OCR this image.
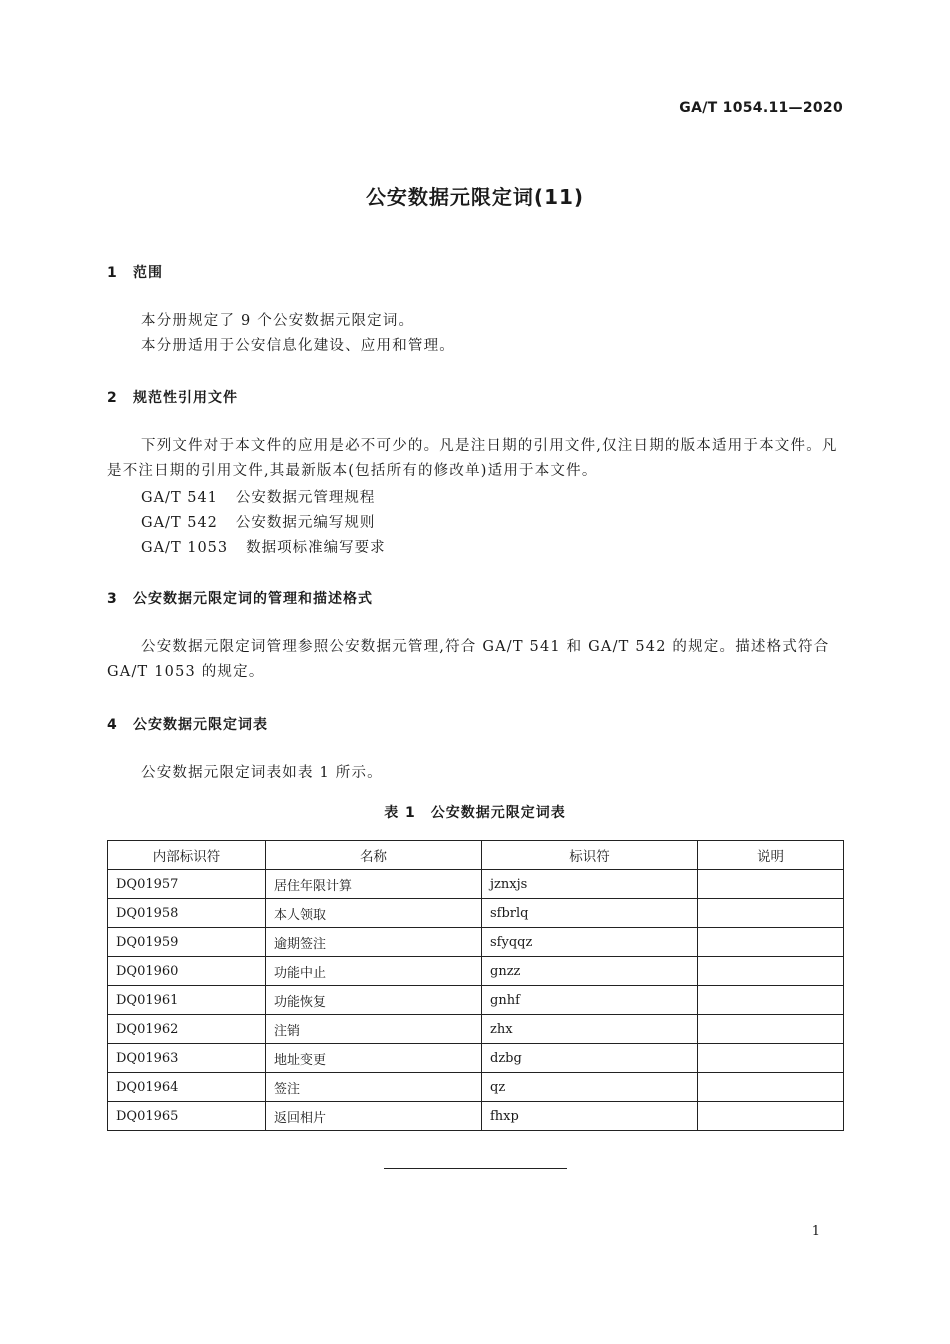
GA/T 1054.11—2020
公安数据元限定词(11)
1 范围
本分册规定了 9 个公安数据元限定词。
本分册适用于公安信息化建设、应用和管理。
2 规范性引用文件
下列文件对于本文件的应用是必不可少的。凡是注日期的引用文件,仅注日期的版本适用于本文件。凡是不注日期的引用文件,其最新版本(包括所有的修改单)适用于本文件。
GA/T 541 公安数据元管理规程
GA/T 542 公安数据元编写规则
GA/T 1053 数据项标准编写要求
3 公安数据元限定词的管理和描述格式
公安数据元限定词管理参照公安数据元管理,符合 GA/T 541 和 GA/T 542 的规定。描述格式符合 GA/T 1053 的规定。
4 公安数据元限定词表
公安数据元限定词表如表 1 所示。
表 1　公安数据元限定词表
内部标识符	名称	标识符	说明
DQ01957	居住年限计算	jznxjs	
DQ01958	本人领取	sfbrlq	
DQ01959	逾期签注	sfyqqz	
DQ01960	功能中止	gnzz	
DQ01961	功能恢复	gnhf	
DQ01962	注销	zhx	
DQ01963	地址变更	dzbg	
DQ01964	签注	qz	
DQ01965	返回相片	fhxp	
1
